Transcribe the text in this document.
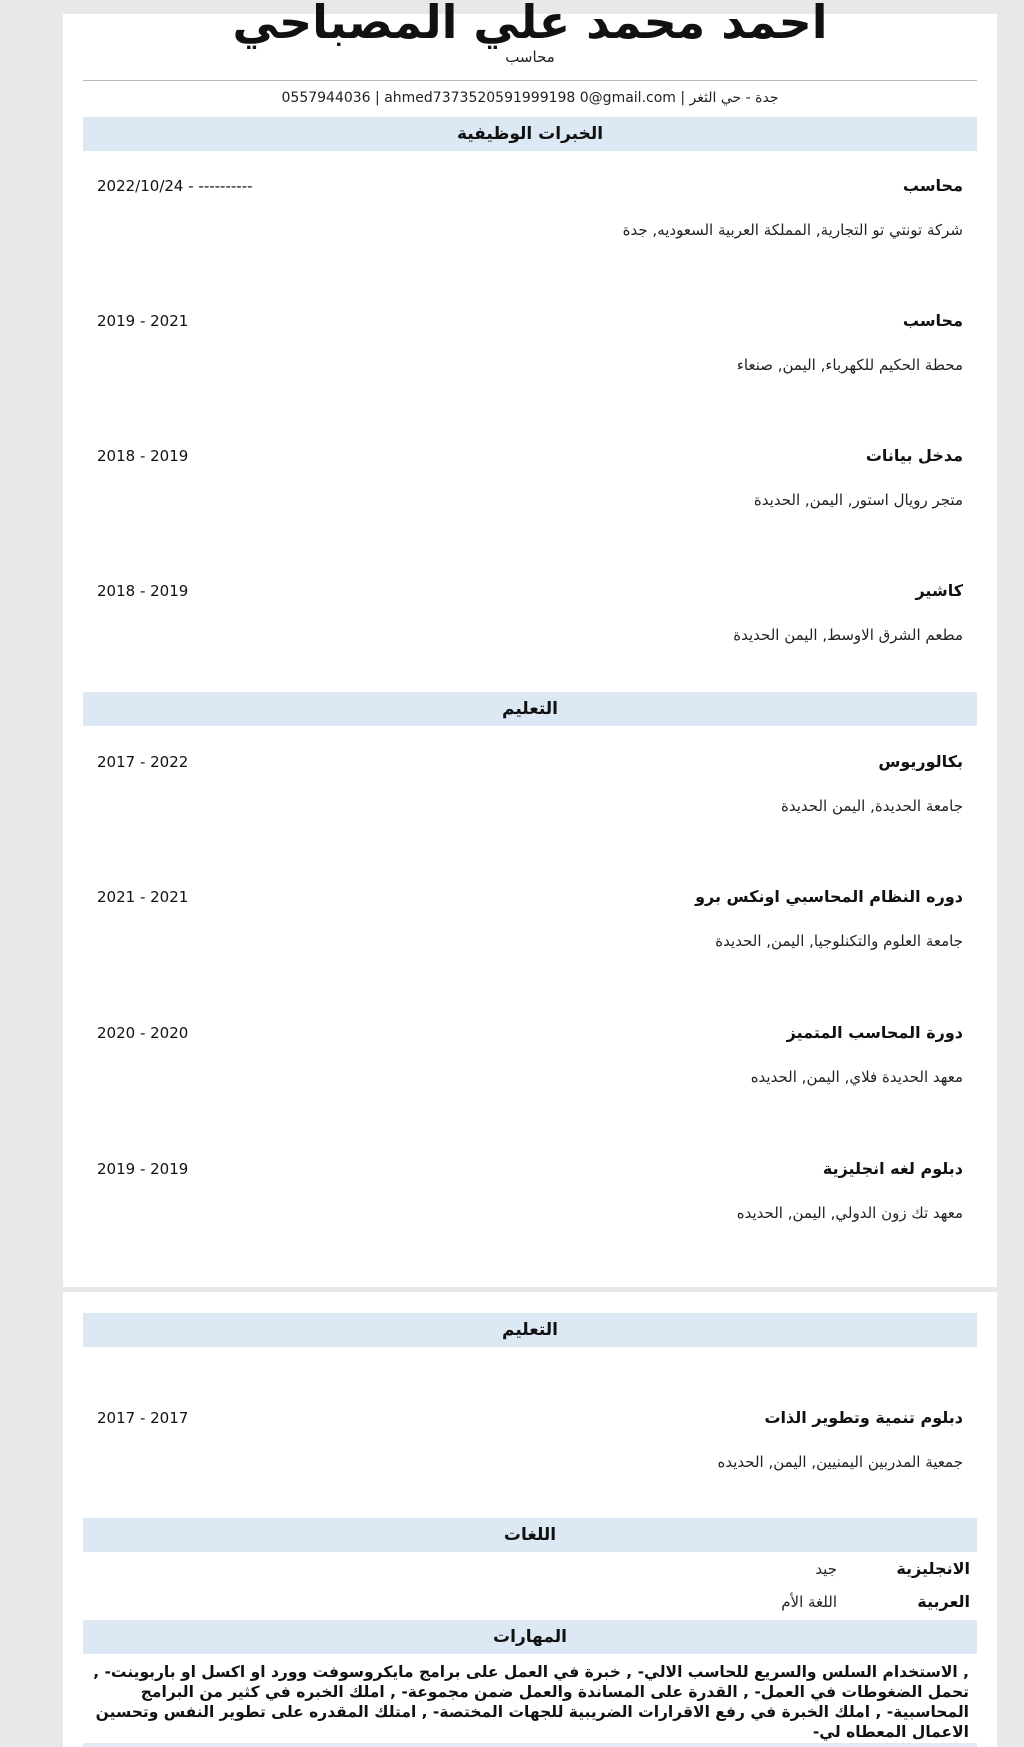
احمد محمد علي المصباحي
محاسب
جدة - حي الثغر | ahmed7373520591999198 0@gmail.com | 0557944036
الخبرات الوظيفية
محاسب
2022/10/24 - ----------
شركة تونتي تو التجارية, المملكة العربية السعوديه, جدة
محاسب
2019 - 2021
محطة الحكيم للكهرباء, اليمن, صنعاء
مدخل بيانات
2018 - 2019
متجر رويال استور, اليمن, الحديدة
كاشير
2018 - 2019
مطعم الشرق الاوسط, اليمن الحديدة
التعليم
بكالوريوس
2017 - 2022
جامعة الحديدة, اليمن الحديدة
دوره النظام المحاسبي اونكس برو
2021 - 2021
جامعة العلوم والتكنلوجيا, اليمن, الحديدة
دورة المحاسب المتميز
2020 - 2020
معهد الحديدة فلاي, اليمن, الحديده
دبلوم لغه انجليزية
2019 - 2019
معهد تك زون الدولي, اليمن, الحديده
التعليم
دبلوم تنمية وتطوير الذات
2017 - 2017
جمعية المدربين اليمنيين, اليمن, الحديده
اللغات
الانجليزية
جيد
العربية
اللغة الأم
المهارات
, الاستخدام السلس والسريع للحاسب الالي- , خبرة في العمل على برامج مايكروسوفت وورد او اكسل او باربوينت- , تحمل الضغوطات في العمل- , القدرة على المساندة والعمل ضمن مجموعة- , املك الخبره في كثير من البرامج المحاسبية- , املك الخبرة في رفع الاقرارات الضريبية للجهات المختصة- , امتلك المقدره على تطوير النفس وتحسين الاعمال المعطاه لي-
